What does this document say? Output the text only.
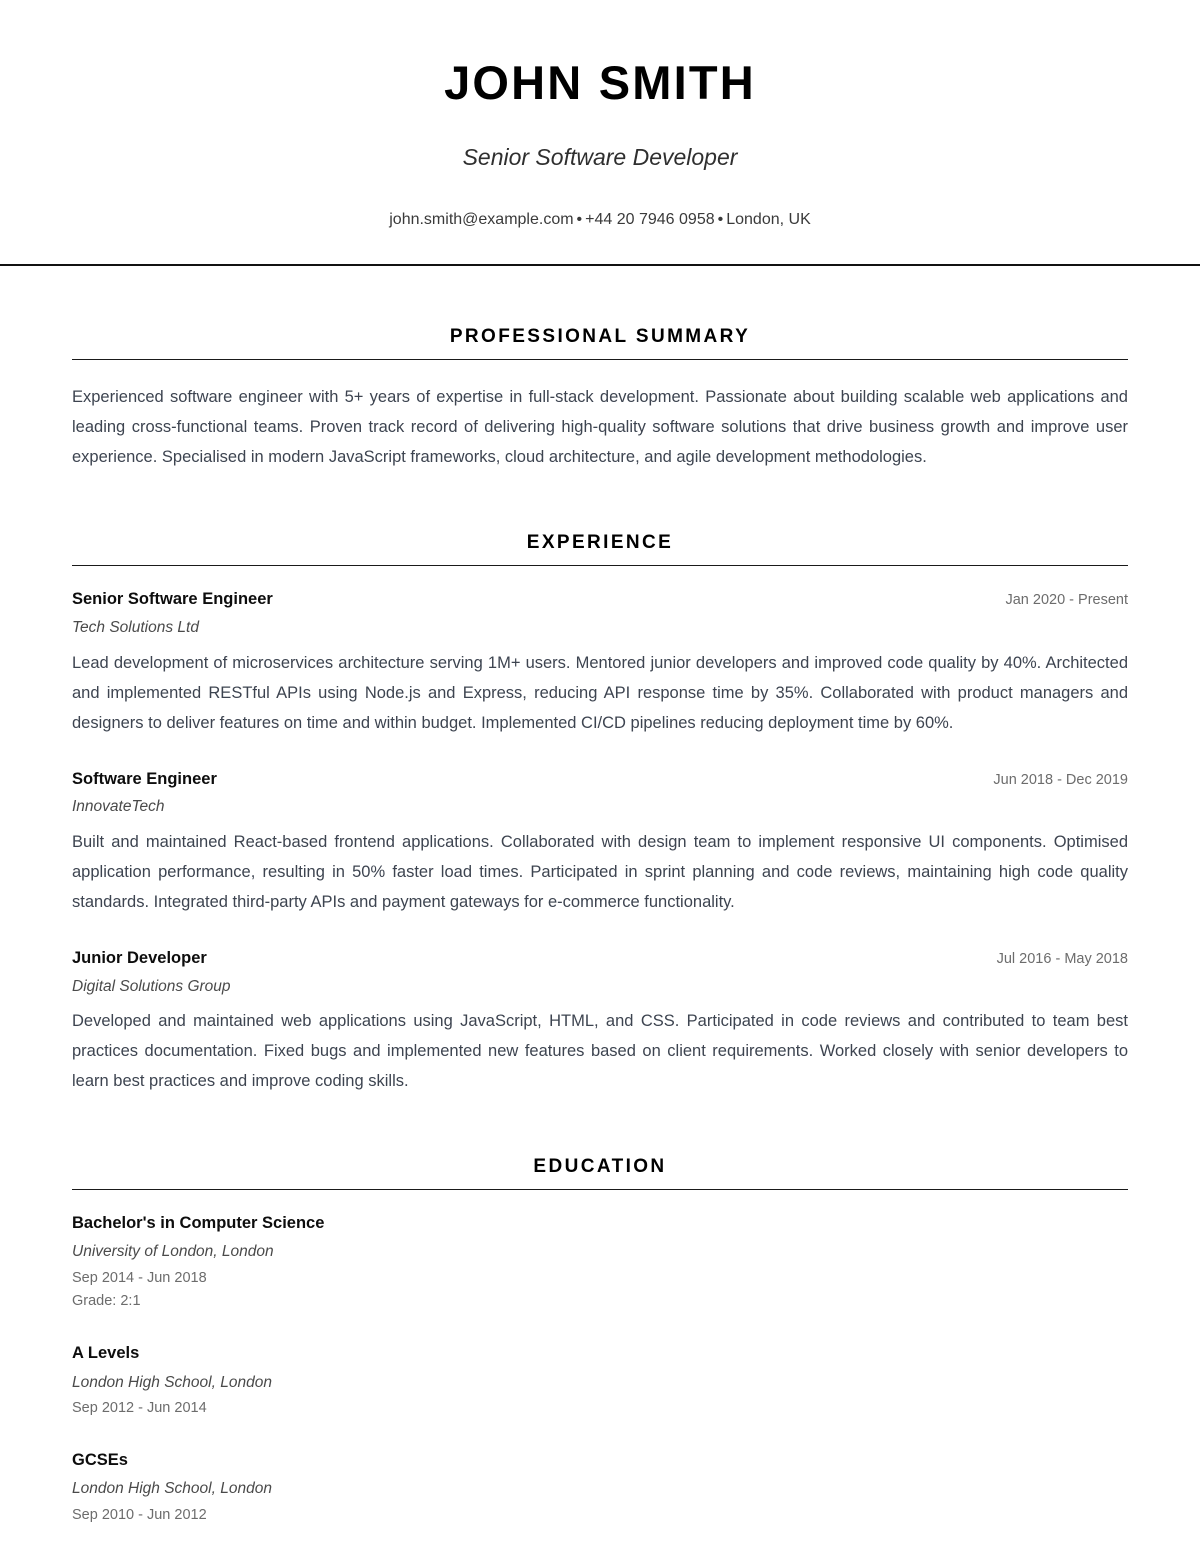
JOHN SMITH
Senior Software Developer
john.smith@example.com • +44 20 7946 0958 • London, UK
PROFESSIONAL SUMMARY

Experienced software engineer with 5+ years of expertise in full-stack development. Passionate about building scalable web applications and leading cross-functional teams. Proven track record of delivering high-quality software solutions that drive business growth and improve user experience. Specialised in modern JavaScript frameworks, cloud architecture, and agile development methodologies.

EXPERIENCE
Senior Software Engineer	Jan 2020 - Present
Tech Solutions Ltd
Lead development of microservices architecture serving 1M+ users. Mentored junior developers and improved code quality by 40%. Architected and implemented RESTful APIs using Node.js and Express, reducing API response time by 35%. Collaborated with product managers and designers to deliver features on time and within budget. Implemented CI/CD pipelines reducing deployment time by 60%.
Software Engineer	Jun 2018 - Dec 2019
InnovateTech
Built and maintained React-based frontend applications. Collaborated with design team to implement responsive UI components. Optimised application performance, resulting in 50% faster load times. Participated in sprint planning and code reviews, maintaining high code quality standards. Integrated third-party APIs and payment gateways for e-commerce functionality.
Junior Developer	Jul 2016 - May 2018
Digital Solutions Group
Developed and maintained web applications using JavaScript, HTML, and CSS. Participated in code reviews and contributed to team best practices documentation. Fixed bugs and implemented new features based on client requirements. Worked closely with senior developers to learn best practices and improve coding skills.
EDUCATION
Bachelor's in Computer Science
University of London, London
Sep 2014 - Jun 2018
Grade: 2:1
A Levels
London High School, London
Sep 2012 - Jun 2014
GCSEs
London High School, London
Sep 2010 - Jun 2012
